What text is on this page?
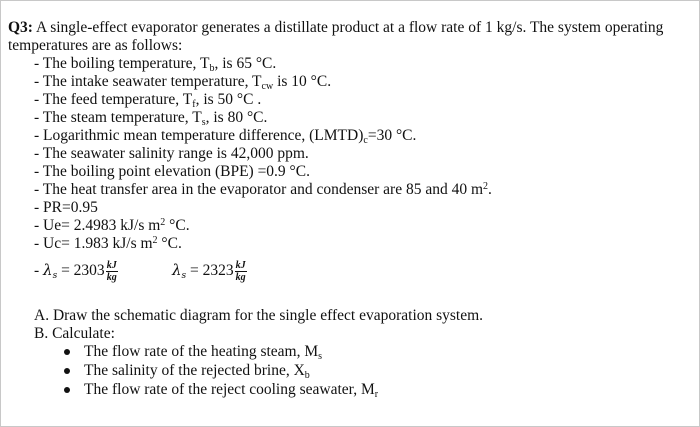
Q3: A single-effect evaporator generates a distillate product at a flow rate of 1 kg/s. The system operating
temperatures are as follows:
- The boiling temperature, $T_b$, is 65 °C.
- The intake seawater temperature, $T_{cw}$ is 10 °C.
- The feed temperature, $T_f$, is 50 °C .
- The steam temperature, $T_s$, is 80 °C.
- Logarithmic mean temperature difference, $(LMTD)_c=30$ °C.
- The seawater salinity range is 42,000 ppm.
- The boiling point elevation (BPE) =0.9 °C.
- The heat transfer area in the evaporator and condenser are 85 and 40 $m^2$.
- PR=0.95
- Ue= 2.4983 kJ/s $m^2$ °C.
- Uc= 1.983 kJ/s $m^2$ °C.
- $\lambda_s = 2303 \frac{kJ}{kg}$	$\lambda_s = 2323 \frac{kJ}{kg}$
A. Draw the schematic diagram for the single effect evaporation system.
B. Calculate:
The flow rate of the heating steam, $M_s$
The salinity of the rejected brine, $X_b$
The flow rate of the reject cooling seawater, $M_r$
